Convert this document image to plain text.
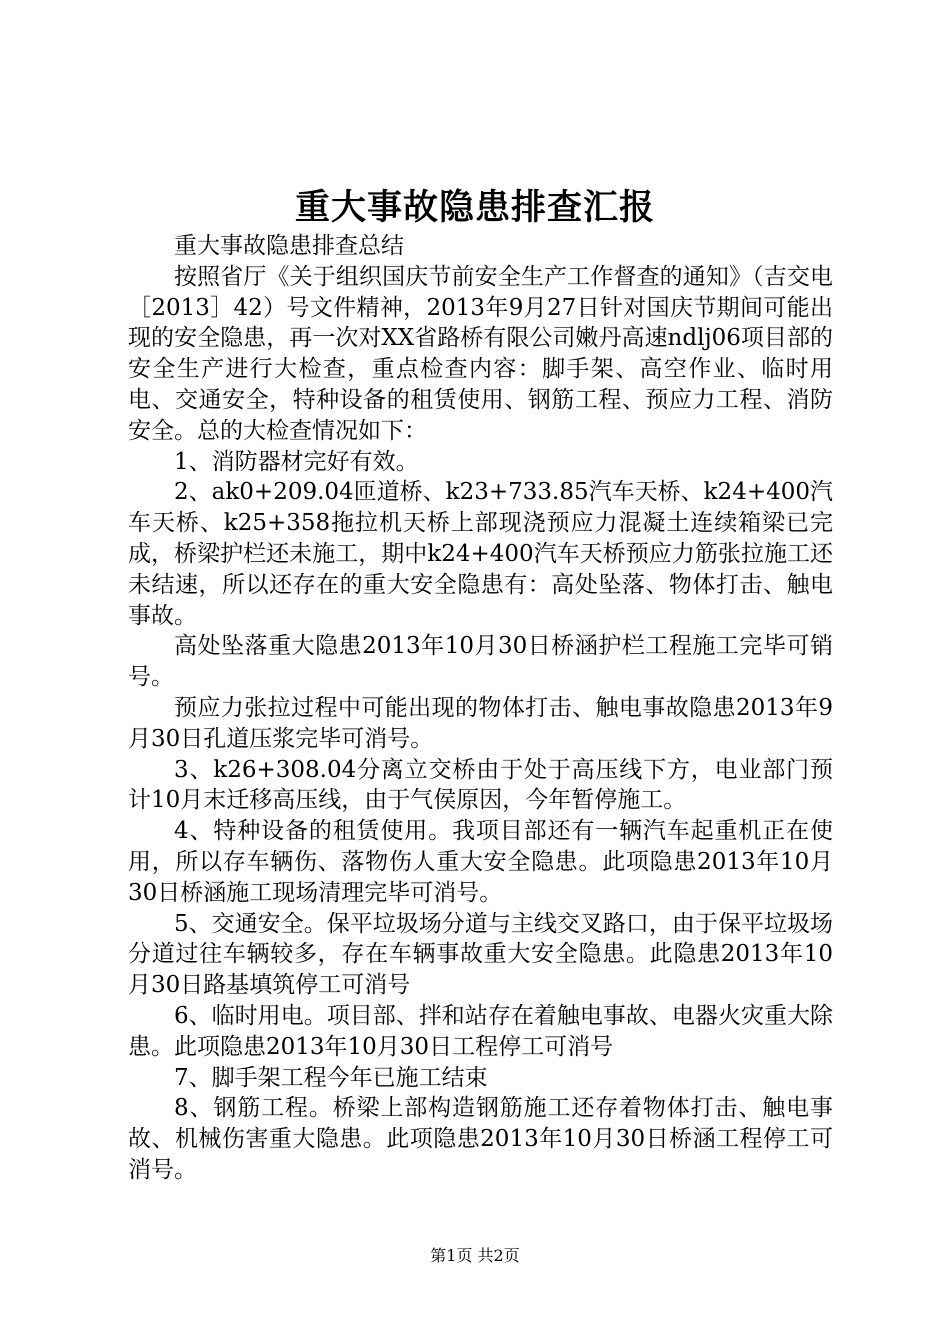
重大事故隐患排查汇报

重大事故隐患排查总结

按照省厅《关于组织国庆节前安全生产工作督查的通知》（吉交电［2013］42）号文件精神，2013年9月27日针对国庆节期间可能出现的安全隐患，再一次对XX省路桥有限公司嫩丹高速ndlj06项目部的安全生产进行大检查，重点检查内容：脚手架、高空作业、临时用电、交通安全，特种设备的租赁使用、钢筋工程、预应力工程、消防安全。总的大检查情况如下：

1、消防器材完好有效。

2、ak0+209.04匝道桥、k23+733.85汽车天桥、k24+400汽车天桥、k25+358拖拉机天桥上部现浇预应力混凝土连续箱梁已完成，桥梁护栏还未施工，期中k24+400汽车天桥预应力筋张拉施工还未结速，所以还存在的重大安全隐患有：高处坠落、物体打击、触电事故。

高处坠落重大隐患2013年10月30日桥涵护栏工程施工完毕可销号。

预应力张拉过程中可能出现的物体打击、触电事故隐患2013年9月30日孔道压浆完毕可消号。

3、k26+308.04分离立交桥由于处于高压线下方，电业部门预计10月末迁移高压线，由于气侯原因，今年暂停施工。

4、特种设备的租赁使用。我项目部还有一辆汽车起重机正在使用，所以存车辆伤、落物伤人重大安全隐患。此项隐患2013年10月30日桥涵施工现场清理完毕可消号。

5、交通安全。保平垃圾场分道与主线交叉路口，由于保平垃圾场分道过往车辆较多，存在车辆事故重大安全隐患。此隐患2013年10月30日路基填筑停工可消号

6、临时用电。项目部、拌和站存在着触电事故、电器火灾重大除患。此项隐患2013年10月30日工程停工可消号

7、脚手架工程今年已施工结束

8、钢筋工程。桥梁上部构造钢筋施工还存着物体打击、触电事故、机械伤害重大隐患。此项隐患2013年10月30日桥涵工程停工可消号。

第1页 共2页
